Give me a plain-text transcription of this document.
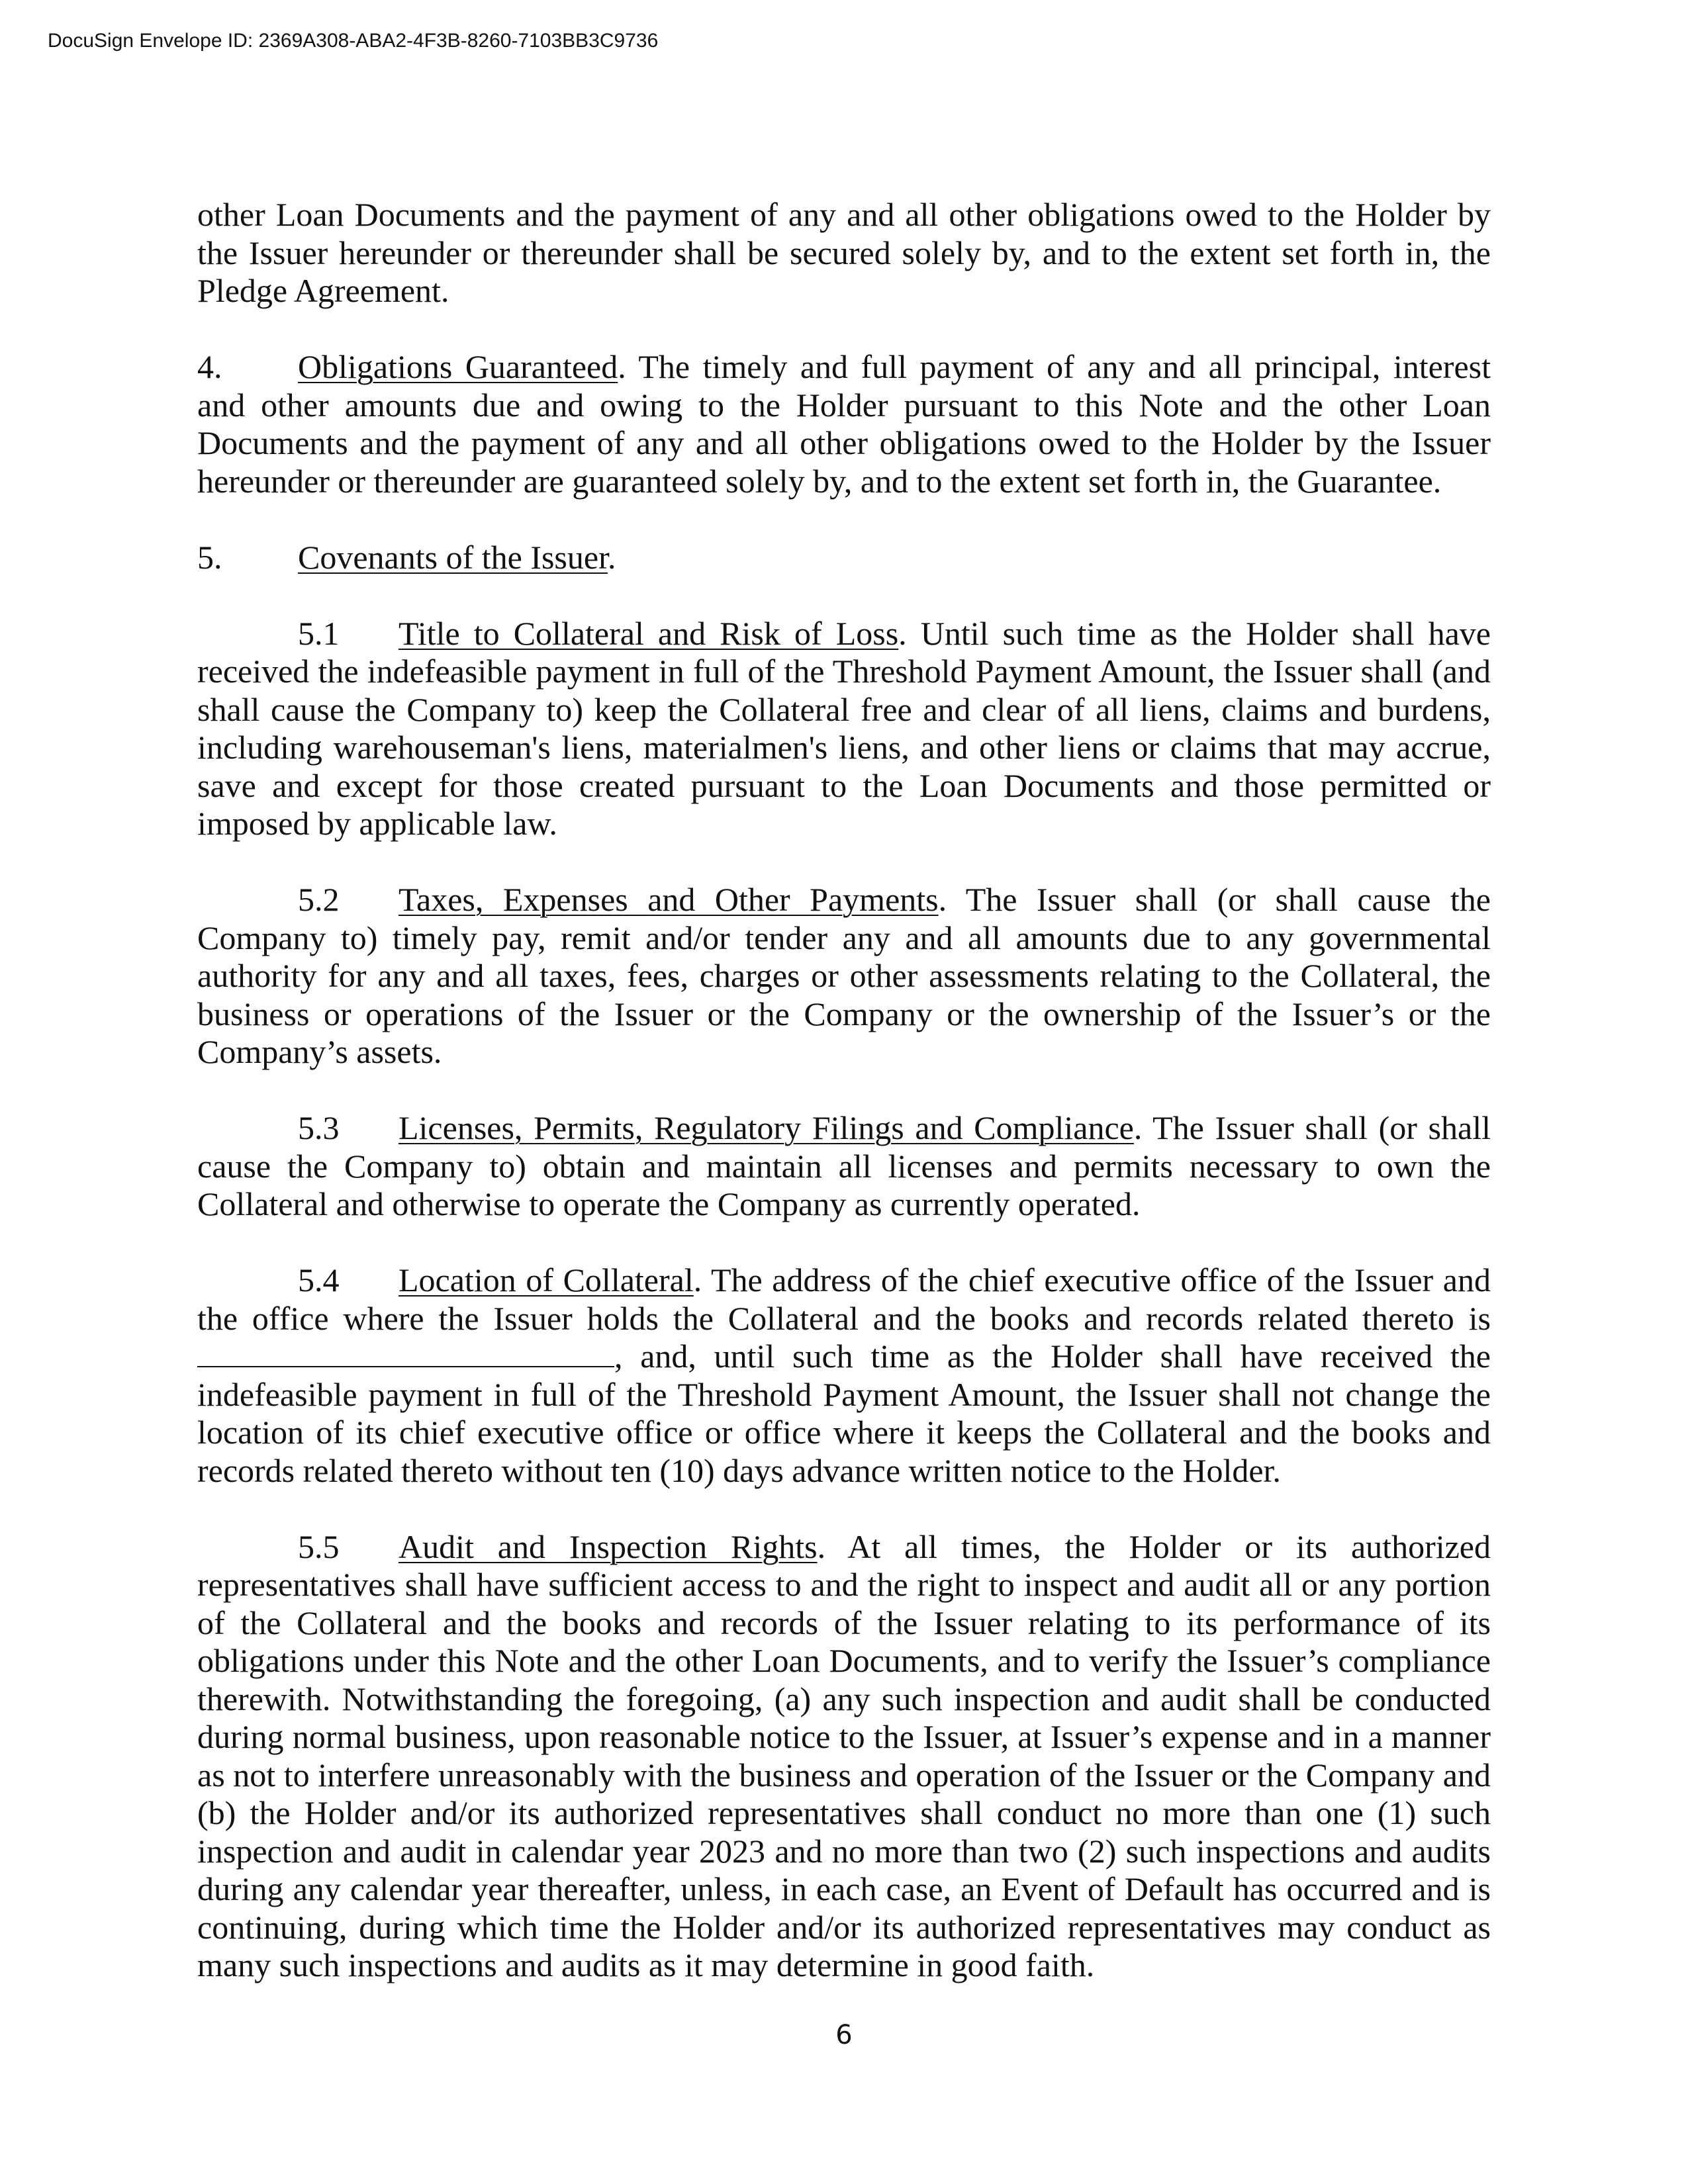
DocuSign Envelope ID: 2369A308-ABA2-4F3B-8260-7103BB3C9736

other Loan Documents and the payment of any and all other obligations owed to the Holder by the Issuer hereunder or thereunder shall be secured solely by, and to the extent set forth in, the Pledge Agreement.

4. Obligations Guaranteed. The timely and full payment of any and all principal, interest and other amounts due and owing to the Holder pursuant to this Note and the other Loan Documents and the payment of any and all other obligations owed to the Holder by the Issuer hereunder or thereunder are guaranteed solely by, and to the extent set forth in, the Guarantee.

5. Covenants of the Issuer.

5.1 Title to Collateral and Risk of Loss. Until such time as the Holder shall have received the indefeasible payment in full of the Threshold Payment Amount, the Issuer shall (and shall cause the Company to) keep the Collateral free and clear of all liens, claims and burdens, including warehouseman's liens, materialmen's liens, and other liens or claims that may accrue, save and except for those created pursuant to the Loan Documents and those permitted or imposed by applicable law.

5.2 Taxes, Expenses and Other Payments. The Issuer shall (or shall cause the Company to) timely pay, remit and/or tender any and all amounts due to any governmental authority for any and all taxes, fees, charges or other assessments relating to the Collateral, the business or operations of the Issuer or the Company or the ownership of the Issuer’s or the Company’s assets.

5.3 Licenses, Permits, Regulatory Filings and Compliance. The Issuer shall (or shall cause the Company to) obtain and maintain all licenses and permits necessary to own the Collateral and otherwise to operate the Company as currently operated.

5.4 Location of Collateral. The address of the chief executive office of the Issuer and the office where the Issuer holds the Collateral and the books and records related thereto is , and, until such time as the Holder shall have received the indefeasible payment in full of the Threshold Payment Amount, the Issuer shall not change the location of its chief executive office or office where it keeps the Collateral and the books and records related thereto without ten (10) days advance written notice to the Holder.

5.5 Audit and Inspection Rights. At all times, the Holder or its authorized representatives shall have sufficient access to and the right to inspect and audit all or any portion of the Collateral and the books and records of the Issuer relating to its performance of its obligations under this Note and the other Loan Documents, and to verify the Issuer’s compliance therewith. Notwithstanding the foregoing, (a) any such inspection and audit shall be conducted during normal business, upon reasonable notice to the Issuer, at Issuer’s expense and in a manner as not to interfere unreasonably with the business and operation of the Issuer or the Company and (b) the Holder and/or its authorized representatives shall conduct no more than one (1) such inspection and audit in calendar year 2023 and no more than two (2) such inspections and audits during any calendar year thereafter, unless, in each case, an Event of Default has occurred and is continuing, during which time the Holder and/or its authorized representatives may conduct as many such inspections and audits as it may determine in good faith.

6
